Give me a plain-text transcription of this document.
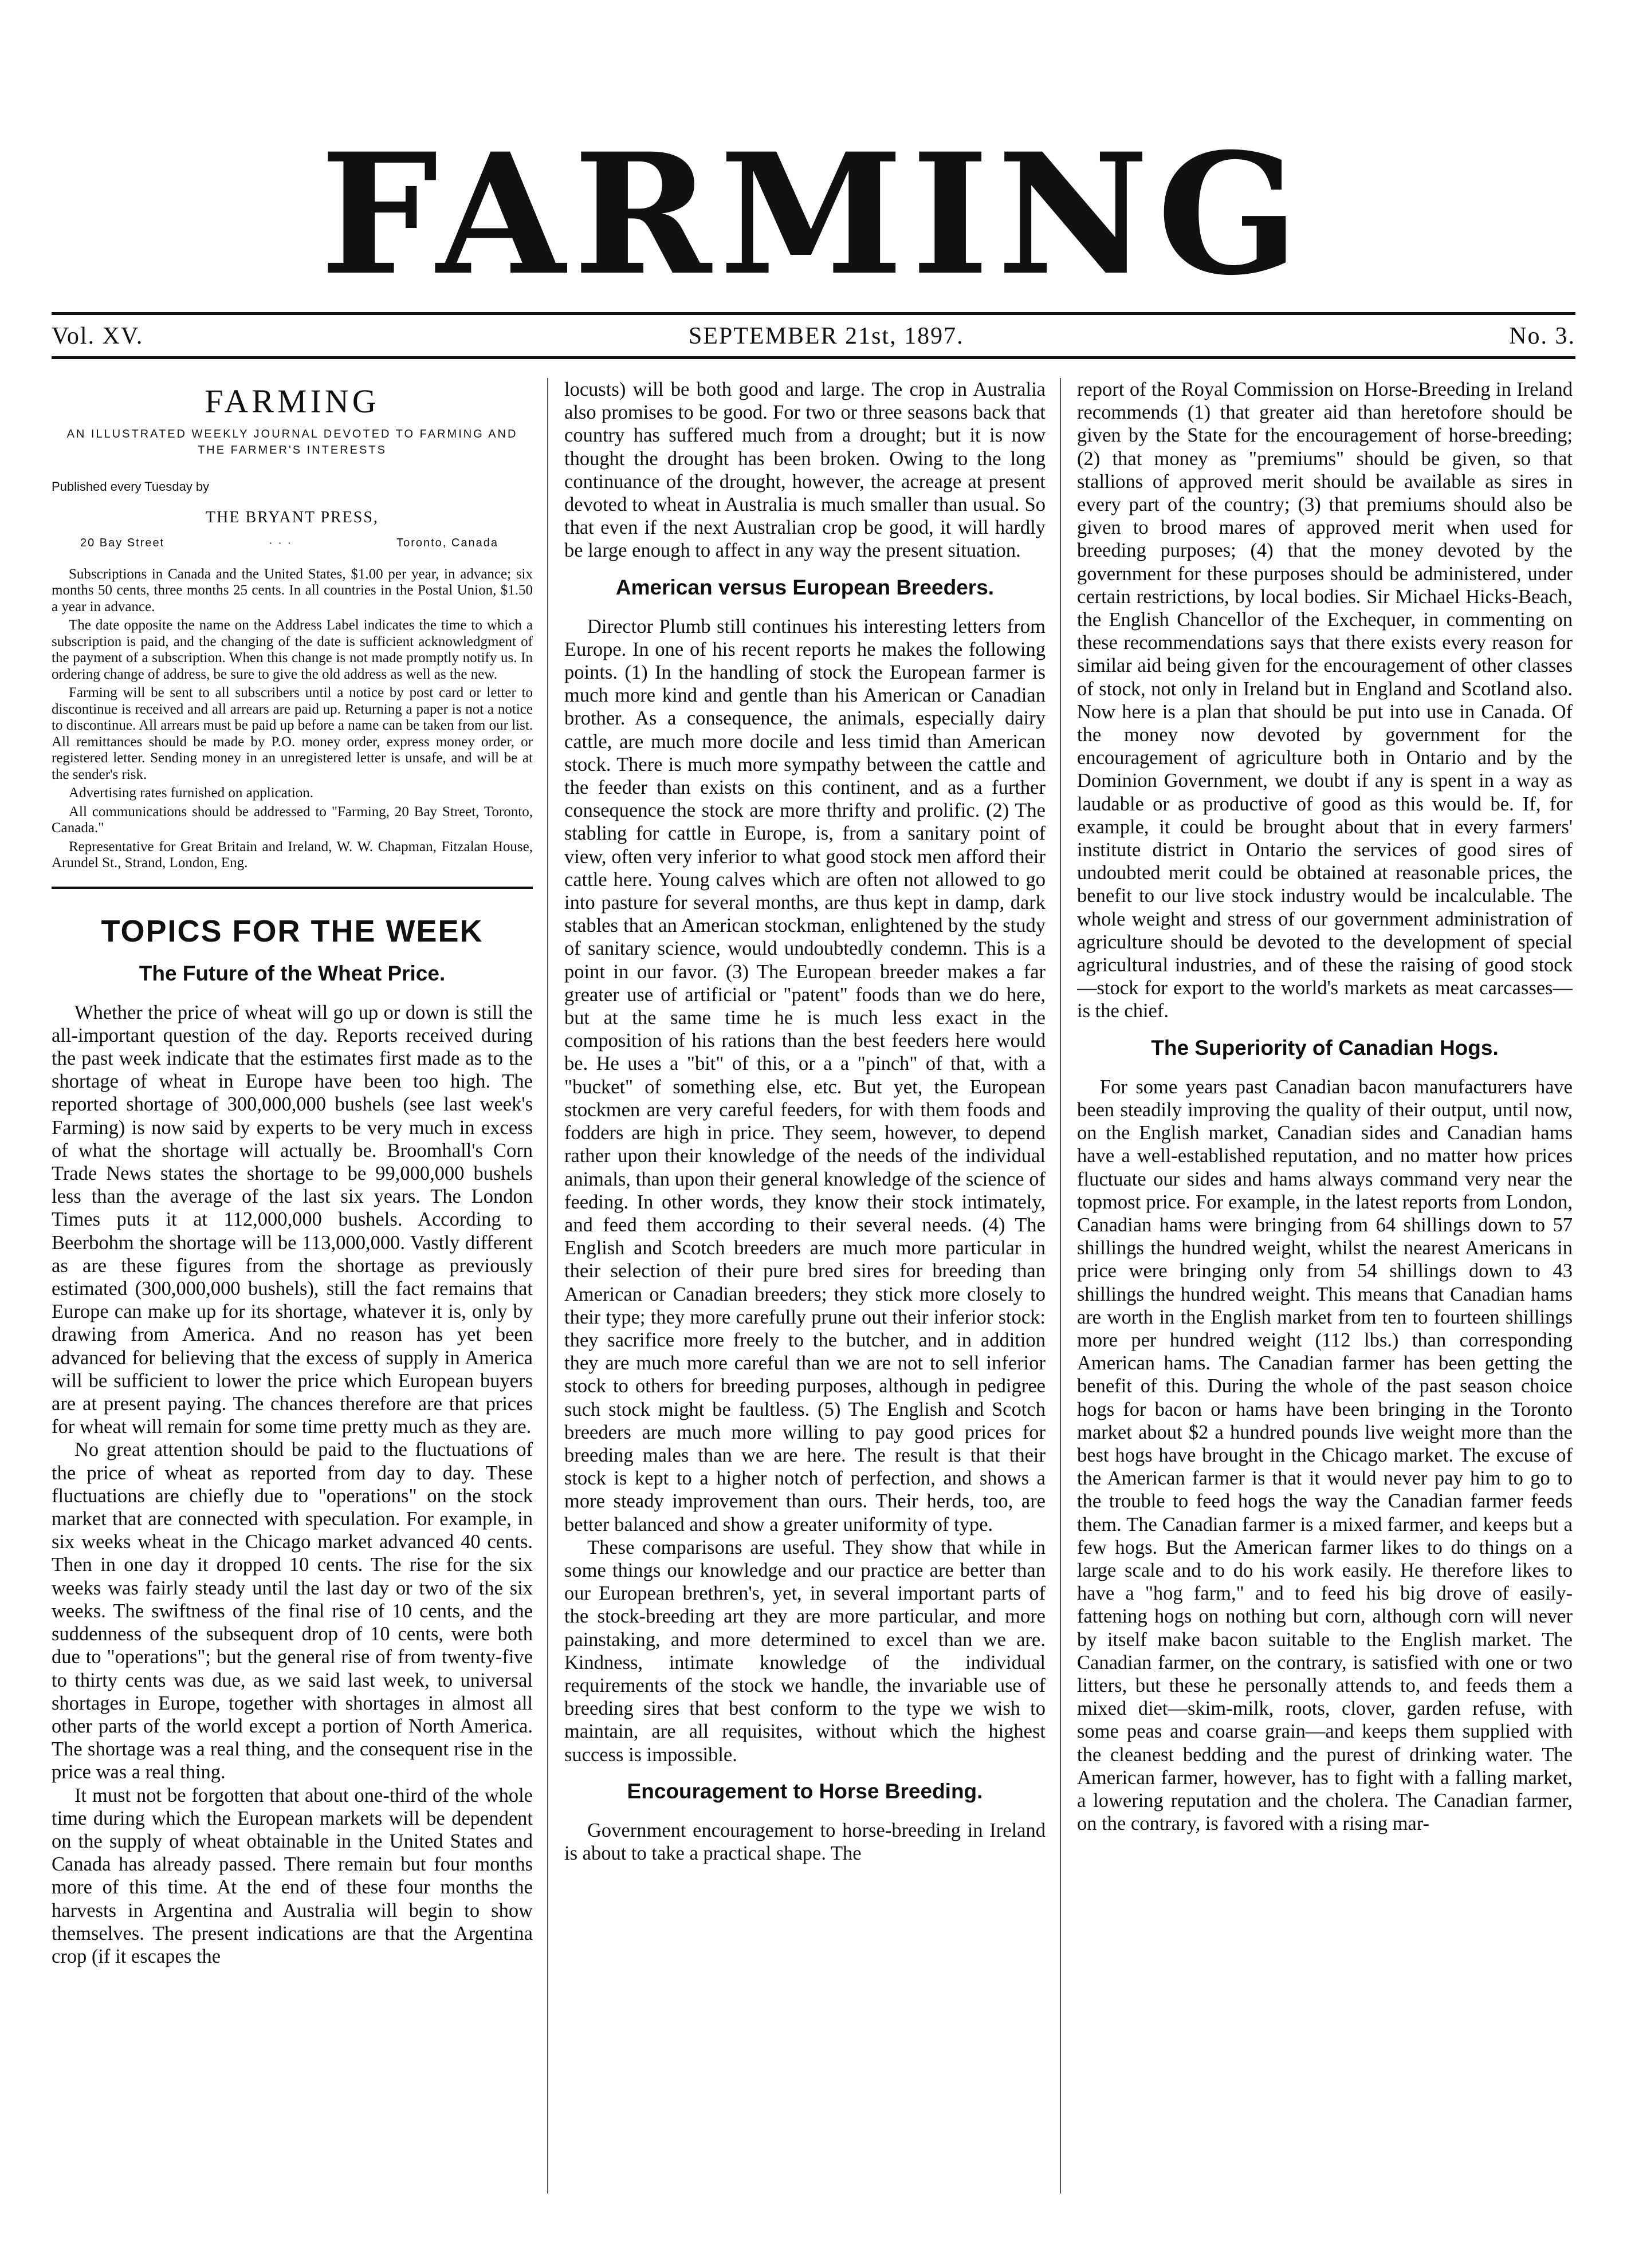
FARMING
Vol. XV.	SEPTEMBER 21st, 1897.	No. 3.
FARMING
AN ILLUSTRATED WEEKLY JOURNAL DEVOTED TO FARMING AND THE FARMER'S INTERESTS
Published every Tuesday by
THE BRYANT PRESS,
20 Bay Street	· · ·	Toronto, Canada

Subscriptions in Canada and the United States, $1.00 per year, in advance; six months 50 cents, three months 25 cents. In all countries in the Postal Union, $1.50 a year in advance.

The date opposite the name on the Address Label indicates the time to which a subscription is paid, and the changing of the date is sufficient acknowledgment of the payment of a subscription. When this change is not made promptly notify us. In ordering change of address, be sure to give the old address as well as the new.

Farming will be sent to all subscribers until a notice by post card or letter to discontinue is received and all arrears are paid up. Returning a paper is not a notice to discontinue. All arrears must be paid up before a name can be taken from our list. All remittances should be made by P.O. money order, express money order, or registered letter. Sending money in an unregistered letter is unsafe, and will be at the sender's risk.

Advertising rates furnished on application.

All communications should be addressed to "Farming, 20 Bay Street, Toronto, Canada."

Representative for Great Britain and Ireland, W. W. Chapman, Fitzalan House, Arundel St., Strand, London, Eng.

TOPICS FOR THE WEEK
The Future of the Wheat Price.

Whether the price of wheat will go up or down is still the all-important question of the day. Reports received during the past week indicate that the estimates first made as to the shortage of wheat in Europe have been too high. The reported shortage of 300,000,000 bushels (see last week's Farming) is now said by experts to be very much in excess of what the shortage will actually be. Broomhall's Corn Trade News states the shortage to be 99,000,000 bushels less than the average of the last six years. The London Times puts it at 112,000,000 bushels. According to Beerbohm the shortage will be 113,000,000. Vastly different as are these figures from the shortage as previously estimated (300,000,000 bushels), still the fact remains that Europe can make up for its shortage, whatever it is, only by drawing from America. And no reason has yet been advanced for believing that the excess of supply in America will be sufficient to lower the price which European buyers are at present paying. The chances therefore are that prices for wheat will remain for some time pretty much as they are.

No great attention should be paid to the fluctuations of the price of wheat as reported from day to day. These fluctuations are chiefly due to "operations" on the stock market that are connected with speculation. For example, in six weeks wheat in the Chicago market advanced 40 cents. Then in one day it dropped 10 cents. The rise for the six weeks was fairly steady until the last day or two of the six weeks. The swiftness of the final rise of 10 cents, and the suddenness of the subsequent drop of 10 cents, were both due to "operations"; but the general rise of from twenty-five to thirty cents was due, as we said last week, to universal shortages in Europe, together with shortages in almost all other parts of the world except a portion of North America. The shortage was a real thing, and the consequent rise in the price was a real thing.

It must not be forgotten that about one-third of the whole time during which the European markets will be dependent on the supply of wheat obtainable in the United States and Canada has already passed. There remain but four months more of this time. At the end of these four months the harvests in Argentina and Australia will begin to show themselves. The present indications are that the Argentina crop (if it escapes the

locusts) will be both good and large. The crop in Australia also promises to be good. For two or three seasons back that country has suffered much from a drought; but it is now thought the drought has been broken. Owing to the long continuance of the drought, however, the acreage at present devoted to wheat in Australia is much smaller than usual. So that even if the next Australian crop be good, it will hardly be large enough to affect in any way the present situation.

American versus European Breeders.

Director Plumb still continues his interesting letters from Europe. In one of his recent reports he makes the following points. (1) In the handling of stock the European farmer is much more kind and gentle than his American or Canadian brother. As a consequence, the animals, especially dairy cattle, are much more docile and less timid than American stock. There is much more sympathy between the cattle and the feeder than exists on this continent, and as a further consequence the stock are more thrifty and prolific. (2) The stabling for cattle in Europe, is, from a sanitary point of view, often very inferior to what good stock men afford their cattle here. Young calves which are often not allowed to go into pasture for several months, are thus kept in damp, dark stables that an American stockman, enlightened by the study of sanitary science, would undoubtedly condemn. This is a point in our favor. (3) The European breeder makes a far greater use of artificial or "patent" foods than we do here, but at the same time he is much less exact in the composition of his rations than the best feeders here would be. He uses a "bit" of this, or a a "pinch" of that, with a "bucket" of something else, etc. But yet, the European stockmen are very careful feeders, for with them foods and fodders are high in price. They seem, however, to depend rather upon their knowledge of the needs of the individual animals, than upon their general knowledge of the science of feeding. In other words, they know their stock intimately, and feed them according to their several needs. (4) The English and Scotch breeders are much more particular in their selection of their pure bred sires for breeding than American or Canadian breeders; they stick more closely to their type; they more carefully prune out their inferior stock: they sacrifice more freely to the butcher, and in addition they are much more careful than we are not to sell inferior stock to others for breeding purposes, although in pedigree such stock might be faultless. (5) The English and Scotch breeders are much more willing to pay good prices for breeding males than we are here. The result is that their stock is kept to a higher notch of perfection, and shows a more steady improvement than ours. Their herds, too, are better balanced and show a greater uniformity of type.

These comparisons are useful. They show that while in some things our knowledge and our practice are better than our European brethren's, yet, in several important parts of the stock-breeding art they are more particular, and more painstaking, and more determined to excel than we are. Kindness, intimate knowledge of the individual requirements of the stock we handle, the invariable use of breeding sires that best conform to the type we wish to maintain, are all requisites, without which the highest success is impossible.

Encouragement to Horse Breeding.

Government encouragement to horse-breeding in Ireland is about to take a practical shape. The

report of the Royal Commission on Horse-Breeding in Ireland recommends (1) that greater aid than heretofore should be given by the State for the encouragement of horse-breeding; (2) that money as "premiums" should be given, so that stallions of approved merit should be available as sires in every part of the country; (3) that premiums should also be given to brood mares of approved merit when used for breeding purposes; (4) that the money devoted by the government for these purposes should be administered, under certain restrictions, by local bodies. Sir Michael Hicks-Beach, the English Chancellor of the Exchequer, in commenting on these recommendations says that there exists every reason for similar aid being given for the encouragement of other classes of stock, not only in Ireland but in England and Scotland also. Now here is a plan that should be put into use in Canada. Of the money now devoted by government for the encouragement of agriculture both in Ontario and by the Dominion Government, we doubt if any is spent in a way as laudable or as productive of good as this would be. If, for example, it could be brought about that in every farmers' institute district in Ontario the services of good sires of undoubted merit could be obtained at reasonable prices, the benefit to our live stock industry would be incalculable. The whole weight and stress of our government administration of agriculture should be devoted to the development of special agricultural industries, and of these the raising of good stock—stock for export to the world's markets as meat carcasses—is the chief.

The Superiority of Canadian Hogs.

For some years past Canadian bacon manufacturers have been steadily improving the quality of their output, until now, on the English market, Canadian sides and Canadian hams have a well-established reputation, and no matter how prices fluctuate our sides and hams always command very near the topmost price. For example, in the latest reports from London, Canadian hams were bringing from 64 shillings down to 57 shillings the hundred weight, whilst the nearest Americans in price were bringing only from 54 shillings down to 43 shillings the hundred weight. This means that Canadian hams are worth in the English market from ten to fourteen shillings more per hundred weight (112 lbs.) than corresponding American hams. The Canadian farmer has been getting the benefit of this. During the whole of the past season choice hogs for bacon or hams have been bringing in the Toronto market about $2 a hundred pounds live weight more than the best hogs have brought in the Chicago market. The excuse of the American farmer is that it would never pay him to go to the trouble to feed hogs the way the Canadian farmer feeds them. The Canadian farmer is a mixed farmer, and keeps but a few hogs. But the American farmer likes to do things on a large scale and to do his work easily. He therefore likes to have a "hog farm," and to feed his big drove of easily-fattening hogs on nothing but corn, although corn will never by itself make bacon suitable to the English market. The Canadian farmer, on the contrary, is satisfied with one or two litters, but these he personally attends to, and feeds them a mixed diet—skim-milk, roots, clover, garden refuse, with some peas and coarse grain—and keeps them supplied with the cleanest bedding and the purest of drinking water. The American farmer, however, has to fight with a falling market, a lowering reputation and the cholera. The Canadian farmer, on the contrary, is favored with a rising mar-
